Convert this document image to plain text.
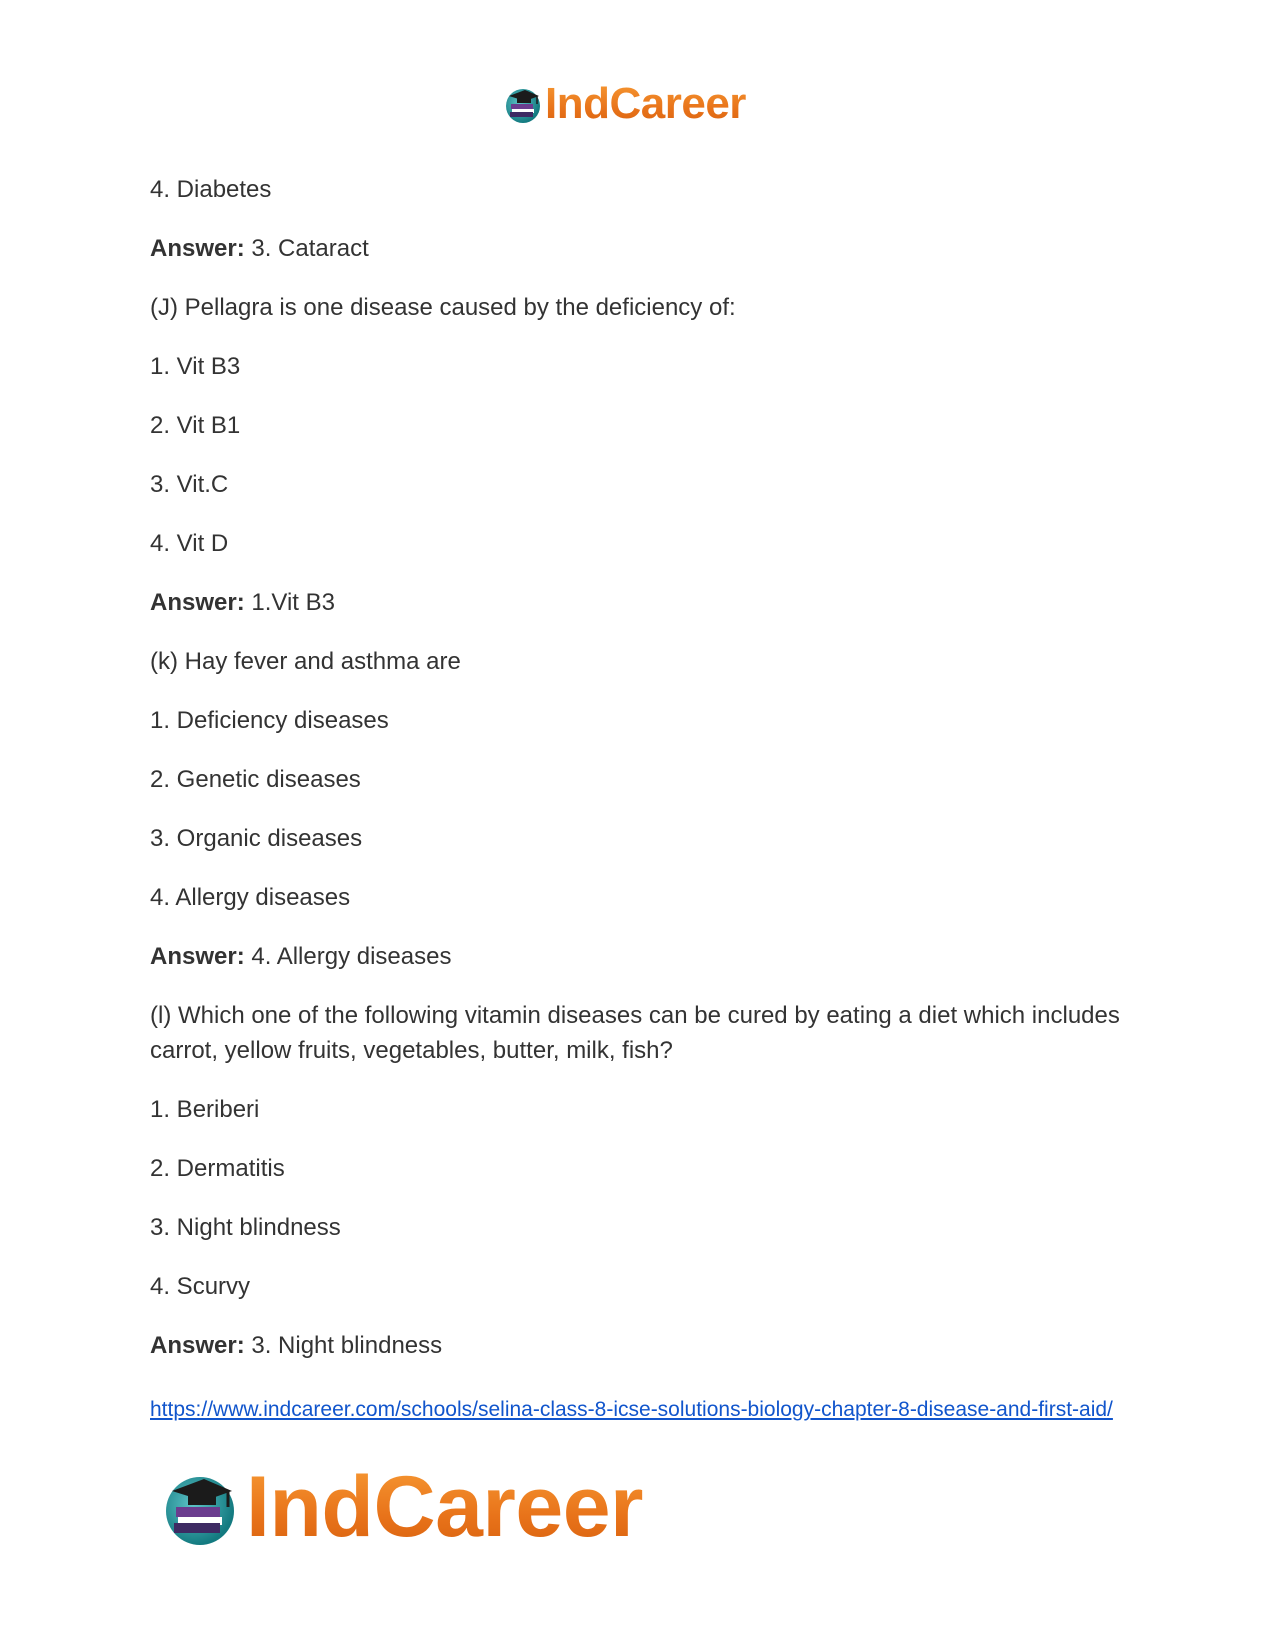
IndCareer

4. Diabetes

Answer: 3. Cataract

(J) Pellagra is one disease caused by the deficiency of:

1. Vit B3

2. Vit B1

3. Vit.C

4. Vit D

Answer: 1.Vit B3

(k) Hay fever and asthma are

1. Deficiency diseases

2. Genetic diseases

3. Organic diseases

4. Allergy diseases

Answer: 4. Allergy diseases

(l) Which one of the following vitamin diseases can be cured by eating a diet which includes carrot, yellow fruits, vegetables, butter, milk, fish?

1. Beriberi

2. Dermatitis

3. Night blindness

4. Scurvy

Answer: 3. Night blindness

https://www.indcareer.com/schools/selina-class-8-icse-solutions-biology-chapter-8-disease-and-first-aid/
IndCareer
